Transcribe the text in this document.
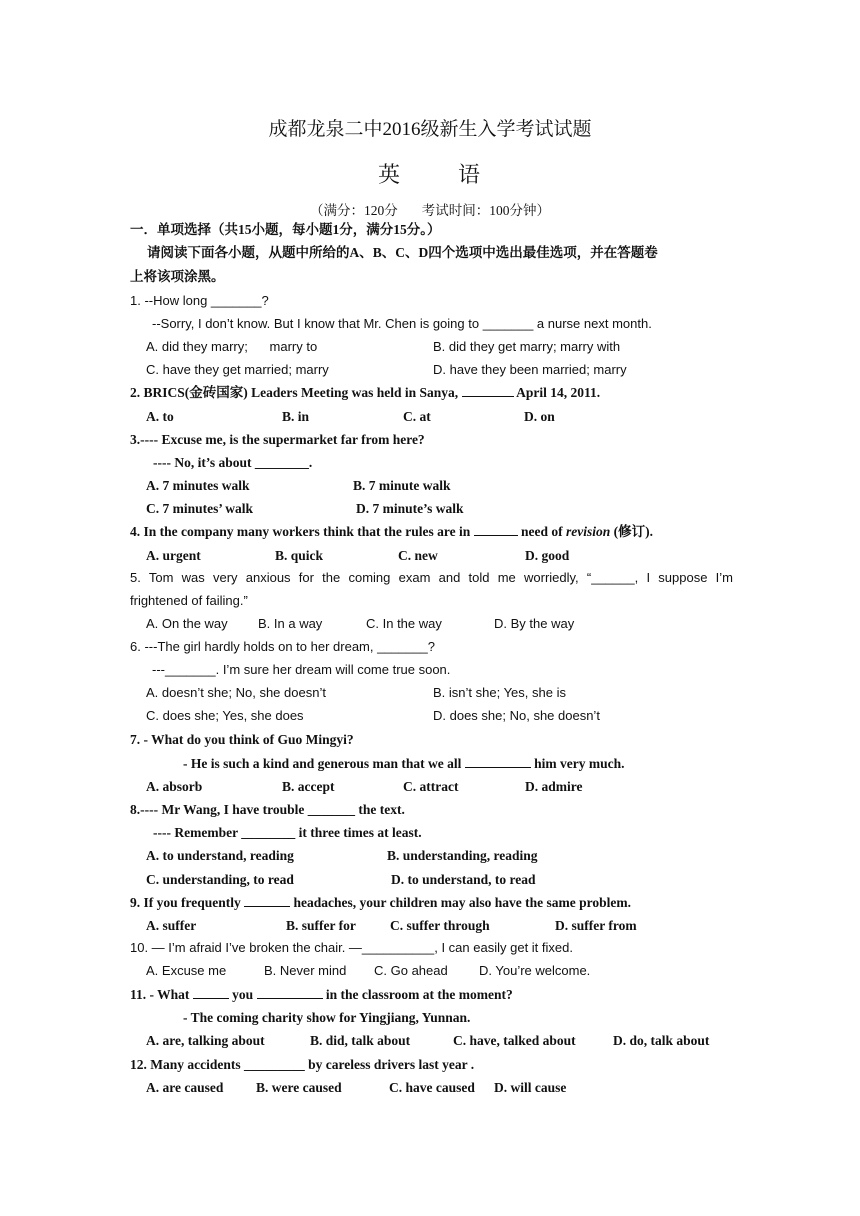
成都龙泉二中2016级新生入学考试试题
英	语
（满分：120分 考试时间：100分钟）
一．单项选择（共15小题，每小题1分，满分15分。）
请阅读下面各小题，从题中所给的A、B、C、D四个选项中选出最佳选项，并在答题卷
上将该项涂黑。
1. --How long _______?
--Sorry, I don’t know. But I know that Mr. Chen is going to _______ a nurse next month.
A. did they marry;      marry to	B. did they get marry; marry with
C. have they get married; marry	D. have they been married; marry
2. BRICS(金砖国家) Leaders Meeting was held in Sanya,	April 14, 2011.
A. to	B. in	C. at	D. on
3.---- Excuse me, is the supermarket far from here?
---- No, it’s about ________.
A. 7 minutes walk	B. 7 minute walk
C. 7 minutes’ walk	D. 7 minute’s walk
4. In the company many workers think that the rules are in	need of revision (修订).
A. urgent	B. quick	C. new	D. good
5. Tom was very anxious for the coming exam and told me worriedly, “______, I suppose I’m
frightened of failing.”
A. On the way B. In a way	C. In the way	D. By the way
6. ---The girl hardly holds on to her dream, _______?
---_______. I’m sure her dream will come true soon.
A. doesn’t she; No, she doesn’t	B. isn’t she; Yes, she is
C. does she; Yes, she does	D. does she; No, she doesn’t
7. - What do you think of Guo Mingyi?
- He is such a kind and generous man that we all	him very much.
A. absorb	B. accept	C. attract	D. admire
8.---- Mr Wang, I have trouble _______ the text.
---- Remember ________ it three times at least.
A. to understand, reading	B. understanding, reading
C. understanding, to read	D. to understand, to read
9. If you frequently	headaches, your children may also have the same problem.
A. suffer	B. suffer for	C. suffer through	D. suffer from
10. — I’m afraid I’ve broken the chair. —__________, I can easily get it fixed.
A. Excuse me	B. Never mind C. Go ahead D. You’re welcome.
11. - What	you	in the classroom at the moment?
- The coming charity show for Yingjiang, Yunnan.
A. are, talking about	B. did, talk about	C. have, talked about	D. do, talk about
12. Many accidents _________ by careless drivers last year .
A. are caused B. were caused	C. have caused D. will cause
